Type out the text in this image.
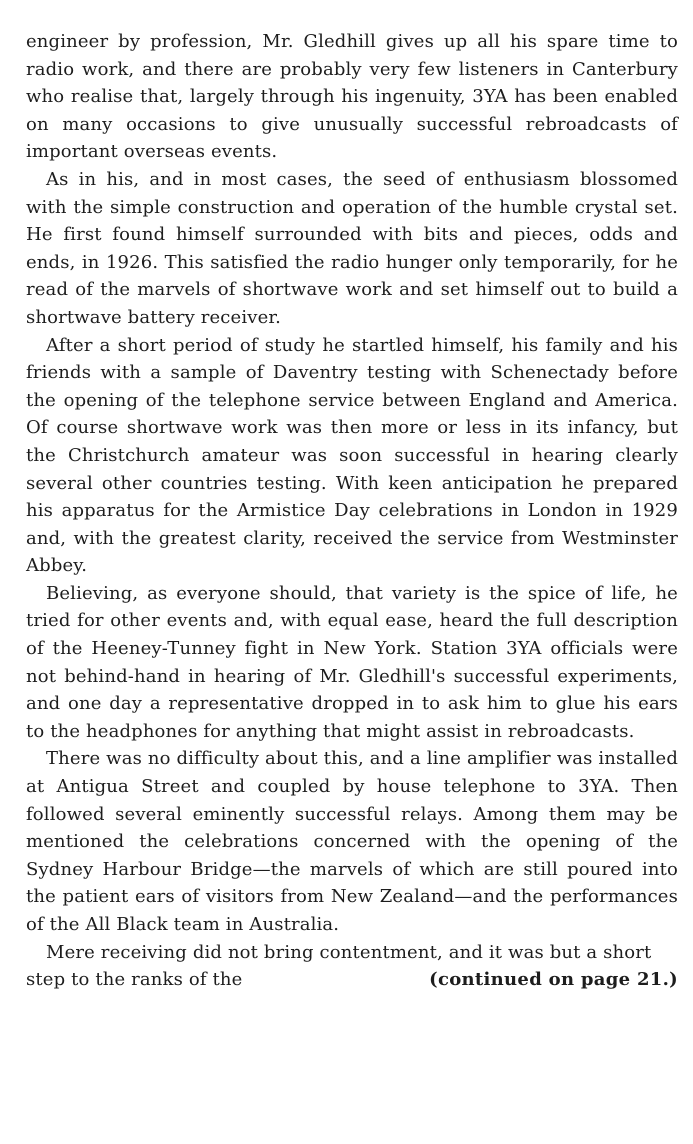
engineer by profession, Mr. Gledhill gives up all his spare time to radio work, and there are probably very few listeners in Canterbury who realise that, largely through his ingenuity, 3YA has been enabled on many occasions to give unusually successful rebroadcasts of important overseas events.

As in his, and in most cases, the seed of enthusiasm blossomed with the simple construction and operation of the humble crystal set. He first found himself surrounded with bits and pieces, odds and ends, in 1926. This satisfied the radio hunger only temporarily, for he read of the marvels of shortwave work and set himself out to build a shortwave battery receiver.

After a short period of study he startled himself, his family and his friends with a sample of Daventry testing with Schenectady before the opening of the telephone service between England and America. Of course shortwave work was then more or less in its infancy, but the Christchurch amateur was soon successful in hearing clearly several other countries testing. With keen anticipation he prepared his apparatus for the Armistice Day celebrations in London in 1929 and, with the greatest clarity, received the service from Westminster Abbey.

Believing, as everyone should, that variety is the spice of life, he tried for other events and, with equal ease, heard the full description of the Heeney-Tunney fight in New York. Station 3YA officials were not behind-hand in hearing of Mr. Gledhill's successful experiments, and one day a representative dropped in to ask him to glue his ears to the headphones for anything that might assist in rebroadcasts.

There was no difficulty about this, and a line amplifier was installed at Antigua Street and coupled by house telephone to 3YA. Then followed several eminently successful relays. Among them may be mentioned the celebrations concerned with the opening of the Sydney Harbour Bridge—the marvels of which are still poured into the patient ears of visitors from New Zealand—and the performances of the All Black team in Australia.

Mere receiving did not bring contentment, and it was but a short step to the ranks of the	(continued on page 21.)
